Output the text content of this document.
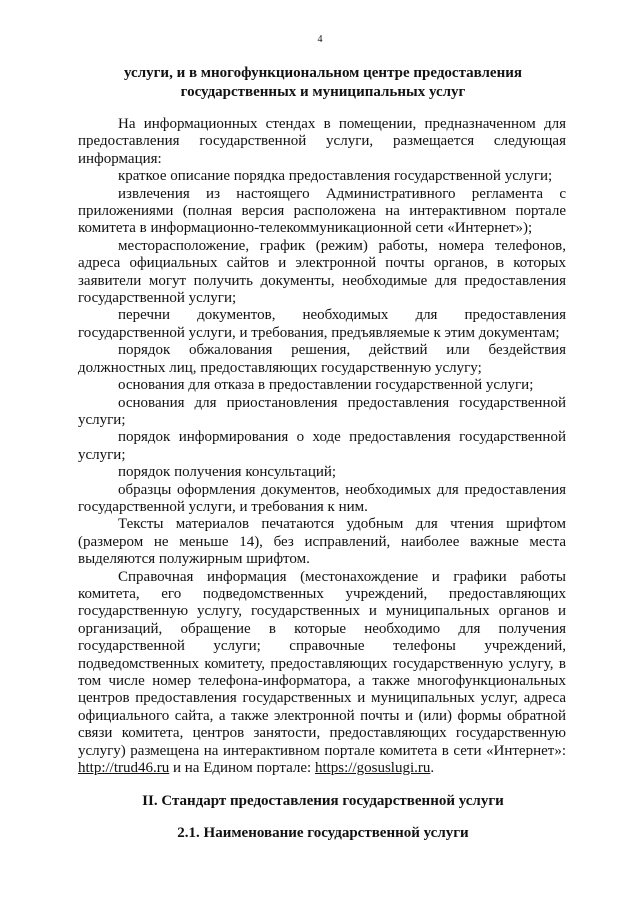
4
услуги, и в многофункциональном центре предоставления государственных и муниципальных услуг

На информационных стендах в помещении, предназначенном для предоставления государственной услуги, размещается следующая информация:

краткое описание порядка предоставления государственной услуги;

извлечения из настоящего Административного регламента с приложениями (полная версия расположена на интерактивном портале комитета в информационно-телекоммуникационной сети «Интернет»);

месторасположение, график (режим) работы, номера телефонов, адреса официальных сайтов и электронной почты органов, в которых заявители могут получить документы, необходимые для предоставления государственной услуги;

перечни документов, необходимых для предоставления государственной услуги, и требования, предъявляемые к этим документам;

порядок обжалования решения, действий или бездействия должностных лиц, предоставляющих государственную услугу;

основания для отказа в предоставлении государственной услуги;

основания для приостановления предоставления государственной услуги;

порядок информирования о ходе предоставления государственной услуги;

порядок получения консультаций;

образцы оформления документов, необходимых для предоставления государственной услуги, и требования к ним.

Тексты материалов печатаются удобным для чтения шрифтом (размером не меньше 14), без исправлений, наиболее важные места выделяются полужирным шрифтом.

Справочная информация (местонахождение и графики работы комитета, его подведомственных учреждений, предоставляющих государственную услугу, государственных и муниципальных органов и организаций, обращение в которые необходимо для получения государственной услуги; справочные телефоны учреждений, подведомственных комитету, предоставляющих государственную услугу, в том числе номер телефона-информатора, а также многофункциональных центров предоставления государственных и муниципальных услуг, адреса официального сайта, а также электронной почты и (или) формы обратной связи комитета, центров занятости, предоставляющих государственную услугу) размещена на интерактивном портале комитета в сети «Интернет»: http://trud46.ru и на Едином портале: https://gosuslugi.ru.

II. Стандарт предоставления государственной услуги
2.1. Наименование государственной услуги
